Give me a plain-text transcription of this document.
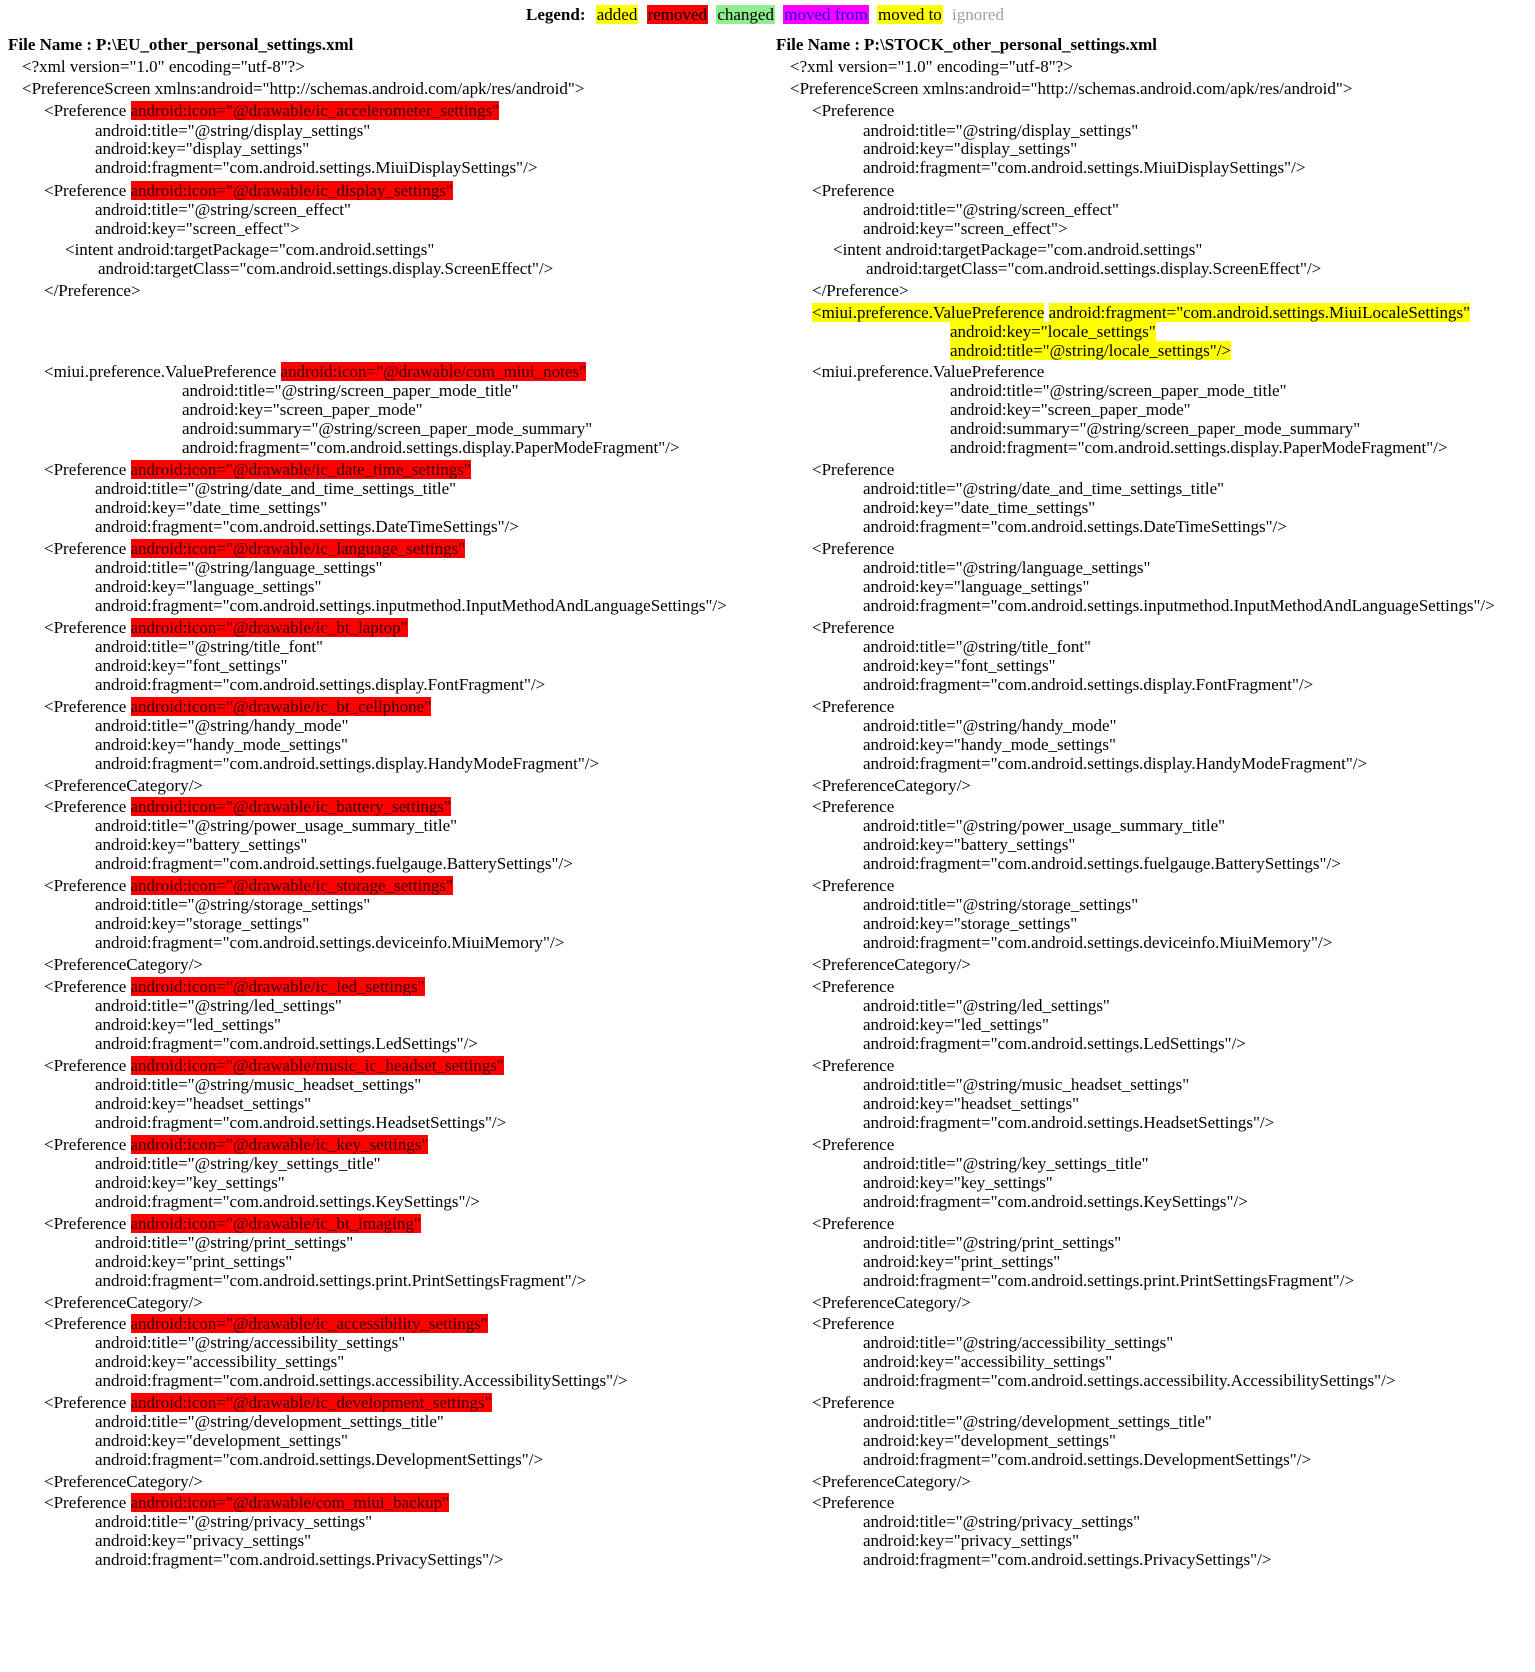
Legend: added removed changed moved from moved to ignored
File Name : P:\EU_other_personal_settings.xml
<?xml version="1.0" encoding="utf-8"?>
<PreferenceScreen xmlns:android="http://schemas.android.com/apk/res/android">
<Preference android:icon="@drawable/ic_accelerometer_settings"
android:title="@string/display_settings"
android:key="display_settings"
android:fragment="com.android.settings.MiuiDisplaySettings"/>
<Preference android:icon="@drawable/ic_display_settings"
android:title="@string/screen_effect"
android:key="screen_effect">
<intent android:targetPackage="com.android.settings"
android:targetClass="com.android.settings.display.ScreenEffect"/>
</Preference>
<miui.preference.ValuePreference android:icon="@drawable/com_miui_notes"
android:title="@string/screen_paper_mode_title"
android:key="screen_paper_mode"
android:summary="@string/screen_paper_mode_summary"
android:fragment="com.android.settings.display.PaperModeFragment"/>
<Preference android:icon="@drawable/ic_date_time_settings"
android:title="@string/date_and_time_settings_title"
android:key="date_time_settings"
android:fragment="com.android.settings.DateTimeSettings"/>
<Preference android:icon="@drawable/ic_language_settings"
android:title="@string/language_settings"
android:key="language_settings"
android:fragment="com.android.settings.inputmethod.InputMethodAndLanguageSettings"/>
<Preference android:icon="@drawable/ic_bt_laptop"
android:title="@string/title_font"
android:key="font_settings"
android:fragment="com.android.settings.display.FontFragment"/>
<Preference android:icon="@drawable/ic_bt_cellphone"
android:title="@string/handy_mode"
android:key="handy_mode_settings"
android:fragment="com.android.settings.display.HandyModeFragment"/>
<PreferenceCategory/>
<Preference android:icon="@drawable/ic_battery_settings"
android:title="@string/power_usage_summary_title"
android:key="battery_settings"
android:fragment="com.android.settings.fuelgauge.BatterySettings"/>
<Preference android:icon="@drawable/ic_storage_settings"
android:title="@string/storage_settings"
android:key="storage_settings"
android:fragment="com.android.settings.deviceinfo.MiuiMemory"/>
<PreferenceCategory/>
<Preference android:icon="@drawable/ic_led_settings"
android:title="@string/led_settings"
android:key="led_settings"
android:fragment="com.android.settings.LedSettings"/>
<Preference android:icon="@drawable/music_ic_headset_settings"
android:title="@string/music_headset_settings"
android:key="headset_settings"
android:fragment="com.android.settings.HeadsetSettings"/>
<Preference android:icon="@drawable/ic_key_settings"
android:title="@string/key_settings_title"
android:key="key_settings"
android:fragment="com.android.settings.KeySettings"/>
<Preference android:icon="@drawable/ic_bt_imaging"
android:title="@string/print_settings"
android:key="print_settings"
android:fragment="com.android.settings.print.PrintSettingsFragment"/>
<PreferenceCategory/>
<Preference android:icon="@drawable/ic_accessibility_settings"
android:title="@string/accessibility_settings"
android:key="accessibility_settings"
android:fragment="com.android.settings.accessibility.AccessibilitySettings"/>
<Preference android:icon="@drawable/ic_development_settings"
android:title="@string/development_settings_title"
android:key="development_settings"
android:fragment="com.android.settings.DevelopmentSettings"/>
<PreferenceCategory/>
<Preference android:icon="@drawable/com_miui_backup"
android:title="@string/privacy_settings"
android:key="privacy_settings"
android:fragment="com.android.settings.PrivacySettings"/>
File Name : P:\STOCK_other_personal_settings.xml
<?xml version="1.0" encoding="utf-8"?>
<PreferenceScreen xmlns:android="http://schemas.android.com/apk/res/android">
<Preference
android:title="@string/display_settings"
android:key="display_settings"
android:fragment="com.android.settings.MiuiDisplaySettings"/>
<Preference
android:title="@string/screen_effect"
android:key="screen_effect">
<intent android:targetPackage="com.android.settings"
android:targetClass="com.android.settings.display.ScreenEffect"/>
</Preference>
<miui.preference.ValuePreference android:fragment="com.android.settings.MiuiLocaleSettings"
android:key="locale_settings"
android:title="@string/locale_settings"/>
<miui.preference.ValuePreference
android:title="@string/screen_paper_mode_title"
android:key="screen_paper_mode"
android:summary="@string/screen_paper_mode_summary"
android:fragment="com.android.settings.display.PaperModeFragment"/>
<Preference
android:title="@string/date_and_time_settings_title"
android:key="date_time_settings"
android:fragment="com.android.settings.DateTimeSettings"/>
<Preference
android:title="@string/language_settings"
android:key="language_settings"
android:fragment="com.android.settings.inputmethod.InputMethodAndLanguageSettings"/>
<Preference
android:title="@string/title_font"
android:key="font_settings"
android:fragment="com.android.settings.display.FontFragment"/>
<Preference
android:title="@string/handy_mode"
android:key="handy_mode_settings"
android:fragment="com.android.settings.display.HandyModeFragment"/>
<PreferenceCategory/>
<Preference
android:title="@string/power_usage_summary_title"
android:key="battery_settings"
android:fragment="com.android.settings.fuelgauge.BatterySettings"/>
<Preference
android:title="@string/storage_settings"
android:key="storage_settings"
android:fragment="com.android.settings.deviceinfo.MiuiMemory"/>
<PreferenceCategory/>
<Preference
android:title="@string/led_settings"
android:key="led_settings"
android:fragment="com.android.settings.LedSettings"/>
<Preference
android:title="@string/music_headset_settings"
android:key="headset_settings"
android:fragment="com.android.settings.HeadsetSettings"/>
<Preference
android:title="@string/key_settings_title"
android:key="key_settings"
android:fragment="com.android.settings.KeySettings"/>
<Preference
android:title="@string/print_settings"
android:key="print_settings"
android:fragment="com.android.settings.print.PrintSettingsFragment"/>
<PreferenceCategory/>
<Preference
android:title="@string/accessibility_settings"
android:key="accessibility_settings"
android:fragment="com.android.settings.accessibility.AccessibilitySettings"/>
<Preference
android:title="@string/development_settings_title"
android:key="development_settings"
android:fragment="com.android.settings.DevelopmentSettings"/>
<PreferenceCategory/>
<Preference
android:title="@string/privacy_settings"
android:key="privacy_settings"
android:fragment="com.android.settings.PrivacySettings"/>
